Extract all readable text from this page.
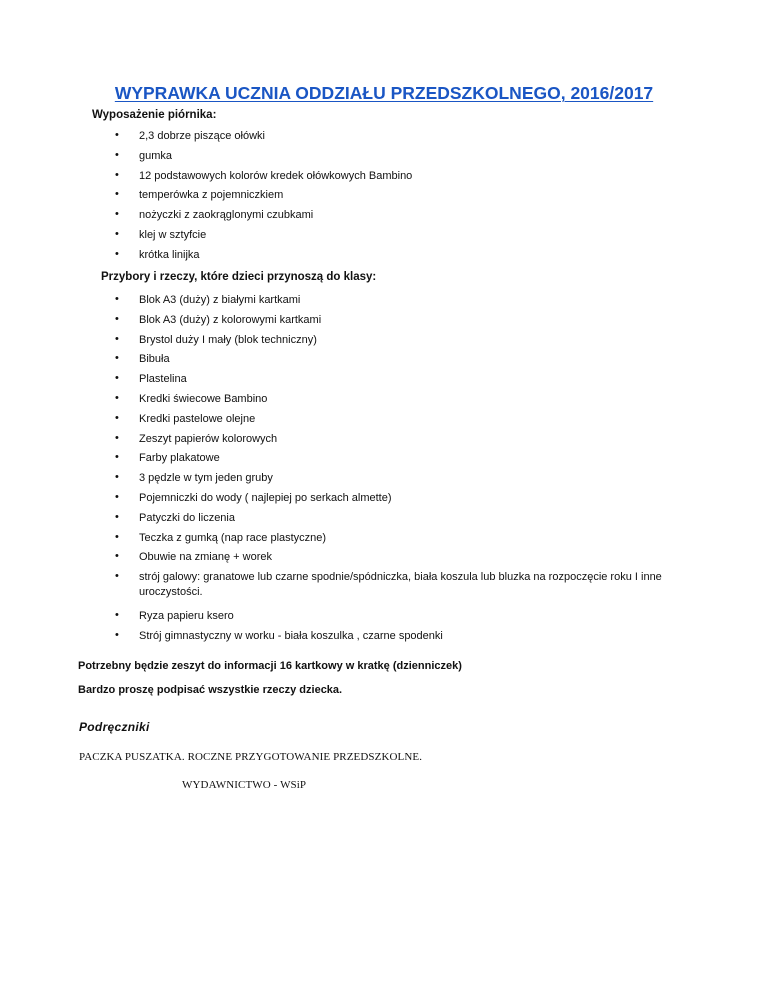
WYPRAWKA UCZNIA ODDZIAŁU PRZEDSZKOLNEGO, 2016/2017
Wyposażenie piórnika:
• 2,3 dobrze piszące ołówki
• gumka
• 12 podstawowych kolorów kredek ołówkowych Bambino
• temperówka z pojemniczkiem
• nożyczki z zaokrąglonymi czubkami
• klej w sztyfcie
• krótka linijka
Przybory i rzeczy, które dzieci przynoszą do klasy:
• Blok A3 (duży) z białymi kartkami
• Blok A3 (duży) z kolorowymi kartkami
• Brystol duży I mały (blok techniczny)
• Bibuła
• Plastelina
• Kredki świecowe Bambino
• Kredki pastelowe olejne
• Zeszyt papierów kolorowych
• Farby plakatowe
• 3 pędzle w tym jeden gruby
• Pojemniczki do wody ( najlepiej po serkach almette)
• Patyczki do liczenia
• Teczka z gumką (nap race plastyczne)
• Obuwie na zmianę + worek
• strój galowy: granatowe lub czarne spodnie/spódniczka, biała koszula lub bluzka na rozpoczęcie roku I inne uroczystości.
• Ryza papieru ksero
• Strój gimnastyczny w worku - biała koszulka , czarne spodenki
Potrzebny będzie zeszyt do informacji 16 kartkowy w kratkę (dzienniczek)
Bardzo proszę podpisać wszystkie rzeczy dziecka.
Podręczniki
PACZKA PUSZATKA. ROCZNE PRZYGOTOWANIE PRZEDSZKOLNE.
WYDAWNICTWO - WSiP
